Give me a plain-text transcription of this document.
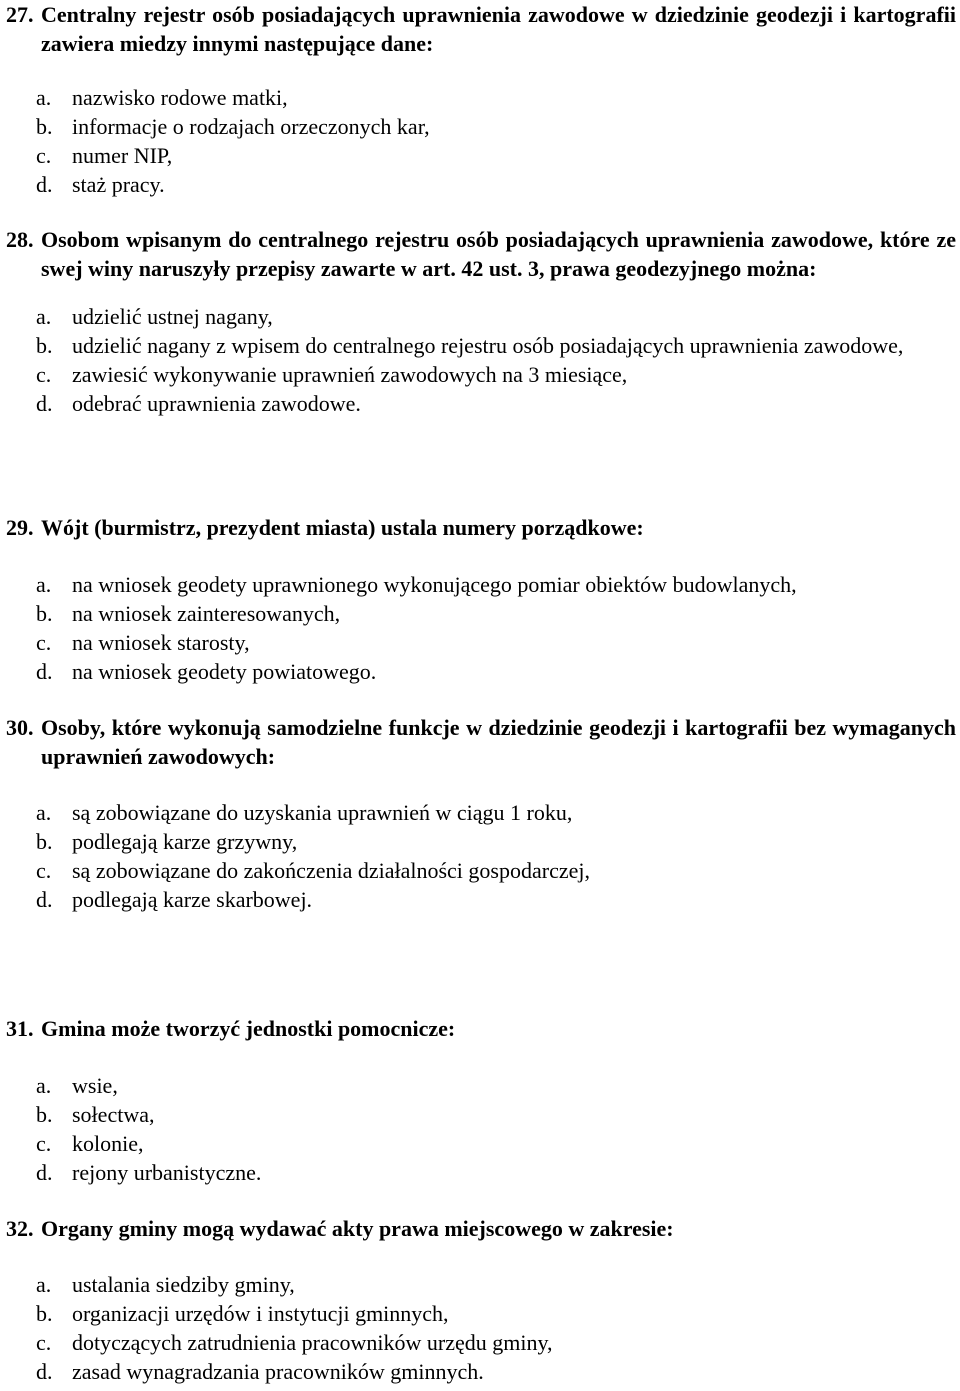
27. Centralny rejestr osób posiadających uprawnienia zawodowe w dziedzinie geodezji i kartografii zawiera miedzy innymi następujące dane:
a. nazwisko rodowe matki,
b. informacje o rodzajach orzeczonych kar,
c. numer NIP,
d. staż pracy.
28. Osobom wpisanym do centralnego rejestru osób posiadających uprawnienia zawodowe, które ze swej winy naruszyły przepisy zawarte w art. 42 ust. 3, prawa geodezyjnego można:
a. udzielić ustnej nagany,
b. udzielić nagany z wpisem do centralnego rejestru osób posiadających uprawnienia zawodowe,
c. zawiesić wykonywanie uprawnień zawodowych na 3 miesiące,
d. odebrać uprawnienia zawodowe.
29. Wójt (burmistrz, prezydent miasta) ustala numery porządkowe:
a. na wniosek geodety uprawnionego wykonującego pomiar obiektów budowlanych,
b. na wniosek zainteresowanych,
c. na wniosek starosty,
d. na wniosek geodety powiatowego.
30. Osoby, które wykonują samodzielne funkcje w dziedzinie geodezji i kartografii bez wymaganych uprawnień zawodowych:
a. są zobowiązane do uzyskania uprawnień w ciągu 1 roku,
b. podlegają karze grzywny,
c. są zobowiązane do zakończenia działalności gospodarczej,
d. podlegają karze skarbowej.
31. Gmina może tworzyć jednostki pomocnicze:
a. wsie,
b. sołectwa,
c. kolonie,
d. rejony urbanistyczne.
32. Organy gminy mogą wydawać akty prawa miejscowego w zakresie:
a. ustalania siedziby gminy,
b. organizacji urzędów i instytucji gminnych,
c. dotyczących zatrudnienia pracowników urzędu gminy,
d. zasad wynagradzania pracowników gminnych.
